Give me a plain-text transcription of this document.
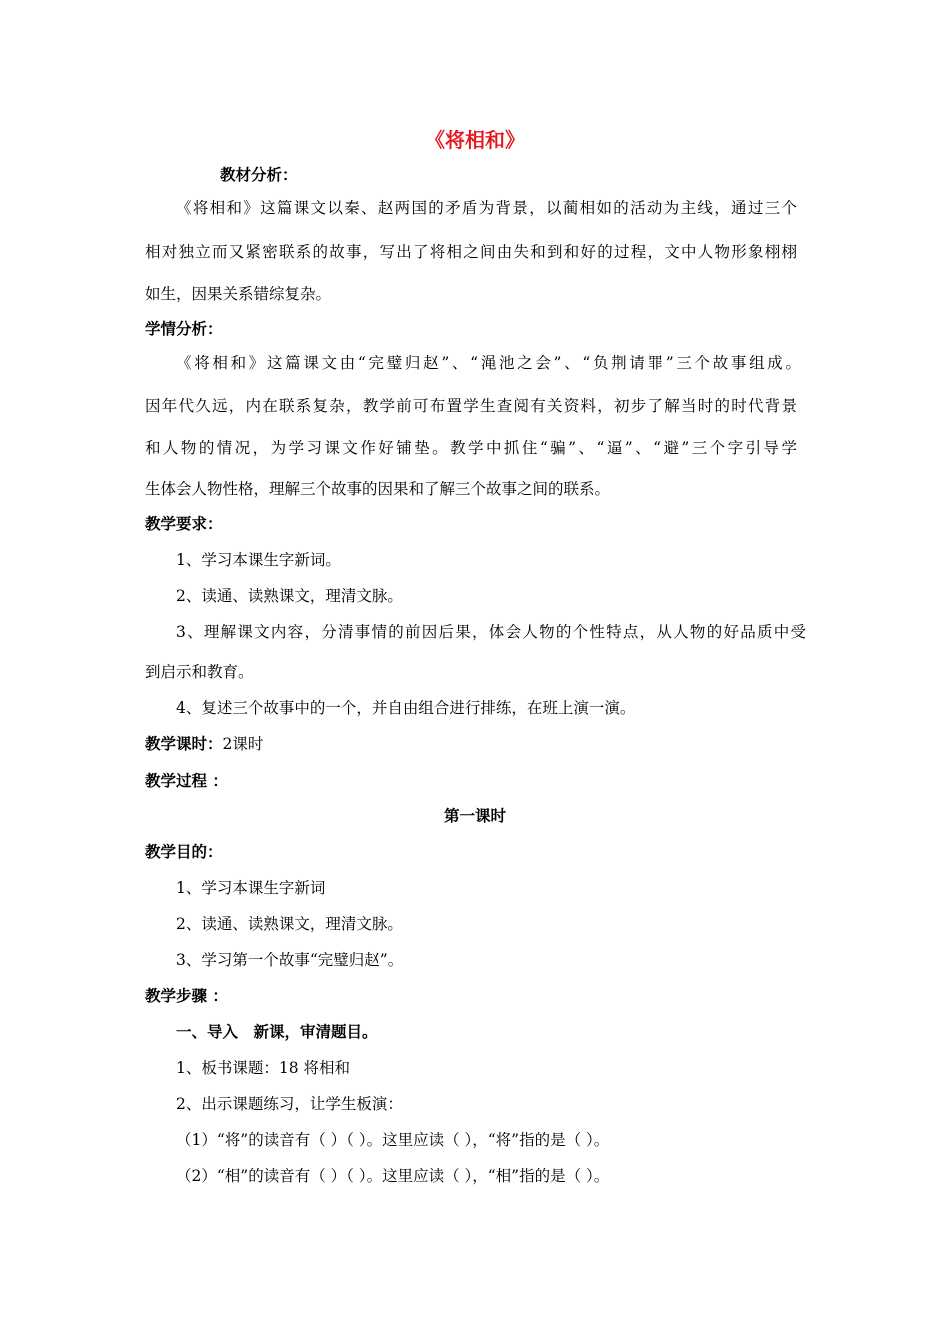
《将相和》
教材分析：
《将相和》这篇课文以秦、赵两国的矛盾为背景，以蔺相如的活动为主线，通过三个
相对独立而又紧密联系的故事，写出了将相之间由失和到和好的过程，文中人物形象栩栩
如生，因果关系错综复杂。
学情分析：
《将相和》这篇课文由“完璧归赵”、“渑池之会”、“负荆请罪”三个故事组成。
因年代久远，内在联系复杂，教学前可布置学生查阅有关资料，初步了解当时的时代背景
和人物的情况，为学习课文作好铺垫。教学中抓住“骗”、“逼”、“避”三个字引导学
生体会人物性格，理解三个故事的因果和了解三个故事之间的联系。
教学要求：
1、学习本课生字新词。
2、读通、读熟课文，理清文脉。
3、理解课文内容，分清事情的前因后果，体会人物的个性特点，从人物的好品质中受
到启示和教育。
4、复述三个故事中的一个，并自由组合进行排练，在班上演一演。
教学课时：2课时
教学过程 ：
第一课时
教学目的：
1、学习本课生字新词
2、读通、读熟课文，理清文脉。
3、学习第一个故事“完璧归赵”。
教学步骤 ：
一、导入　新课，审清题目。
1、板书课题：18 将相和
2、出示课题练习，让学生板演：
（1）“将”的读音有（ ）（ ）。这里应读（ ），“将”指的是（ ）。
（2）“相”的读音有（ ）（ ）。这里应读（ ），“相”指的是（ ）。
